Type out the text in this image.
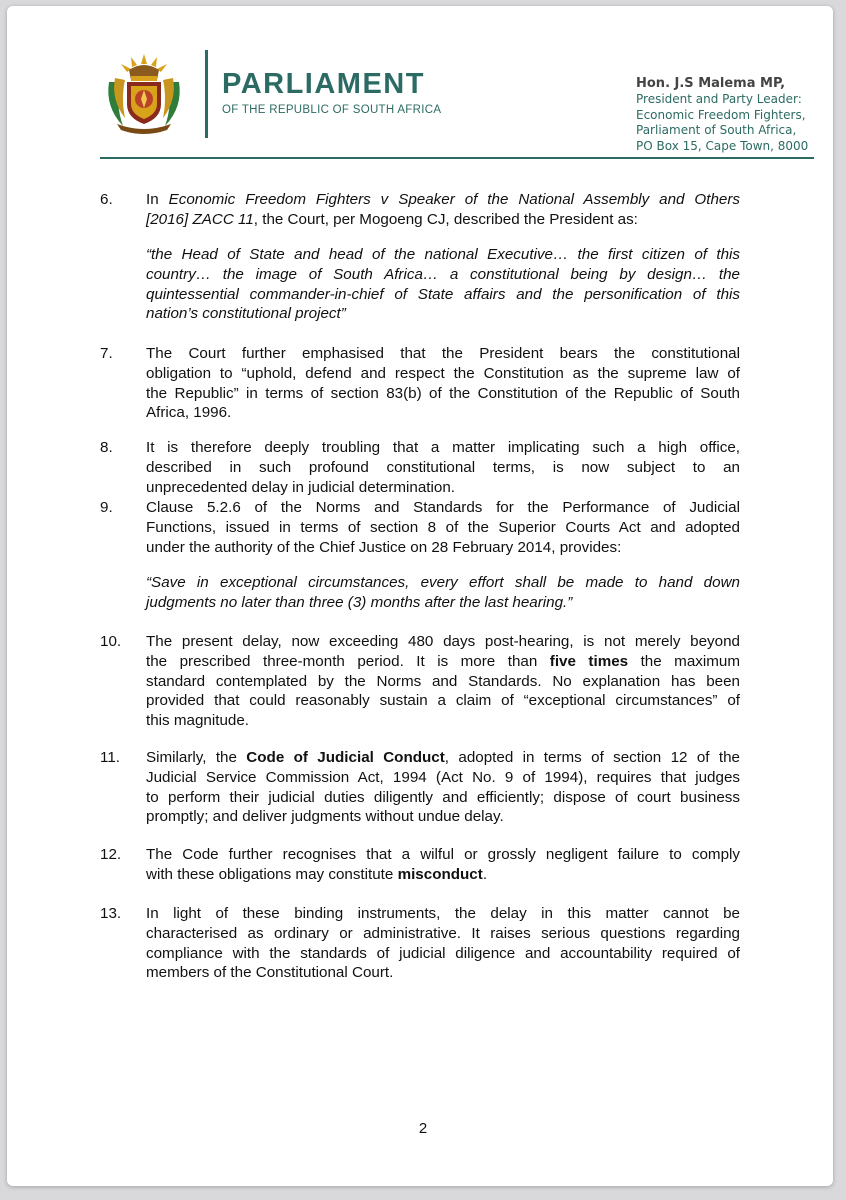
PARLIAMENT
OF THE REPUBLIC OF SOUTH AFRICA
Hon. J.S Malema MP,
President and Party Leader:
Economic Freedom Fighters,
Parliament of South Africa,
PO Box 15, Cape Town, 8000
6. In Economic Freedom Fighters v Speaker of the National Assembly and Others
[2016] ZACC 11, the Court, per Mogoeng CJ, described the President as:
“the Head of State and head of the national Executive… the first citizen of this
country… the image of South Africa… a constitutional being by design… the
quintessential commander-in-chief of State affairs and the personification of this
nation’s constitutional project”
7. The Court further emphasised that the President bears the constitutional
obligation to “uphold, defend and respect the Constitution as the supreme law of
the Republic” in terms of section 83(b) of the Constitution of the Republic of South
Africa, 1996.
8. It is therefore deeply troubling that a matter implicating such a high office,
described in such profound constitutional terms, is now subject to an
unprecedented delay in judicial determination.
9. Clause 5.2.6 of the Norms and Standards for the Performance of Judicial
Functions, issued in terms of section 8 of the Superior Courts Act and adopted
under the authority of the Chief Justice on 28 February 2014, provides:
“Save in exceptional circumstances, every effort shall be made to hand down
judgments no later than three (3) months after the last hearing.”
10. The present delay, now exceeding 480 days post-hearing, is not merely beyond
the prescribed three-month period. It is more than five times the maximum
standard contemplated by the Norms and Standards. No explanation has been
provided that could reasonably sustain a claim of “exceptional circumstances” of
this magnitude.
11. Similarly, the Code of Judicial Conduct, adopted in terms of section 12 of the
Judicial Service Commission Act, 1994 (Act No. 9 of 1994), requires that judges
to perform their judicial duties diligently and efficiently; dispose of court business
promptly; and deliver judgments without undue delay.
12. The Code further recognises that a wilful or grossly negligent failure to comply
with these obligations may constitute misconduct.
13. In light of these binding instruments, the delay in this matter cannot be
characterised as ordinary or administrative. It raises serious questions regarding
compliance with the standards of judicial diligence and accountability required of
members of the Constitutional Court.
2
